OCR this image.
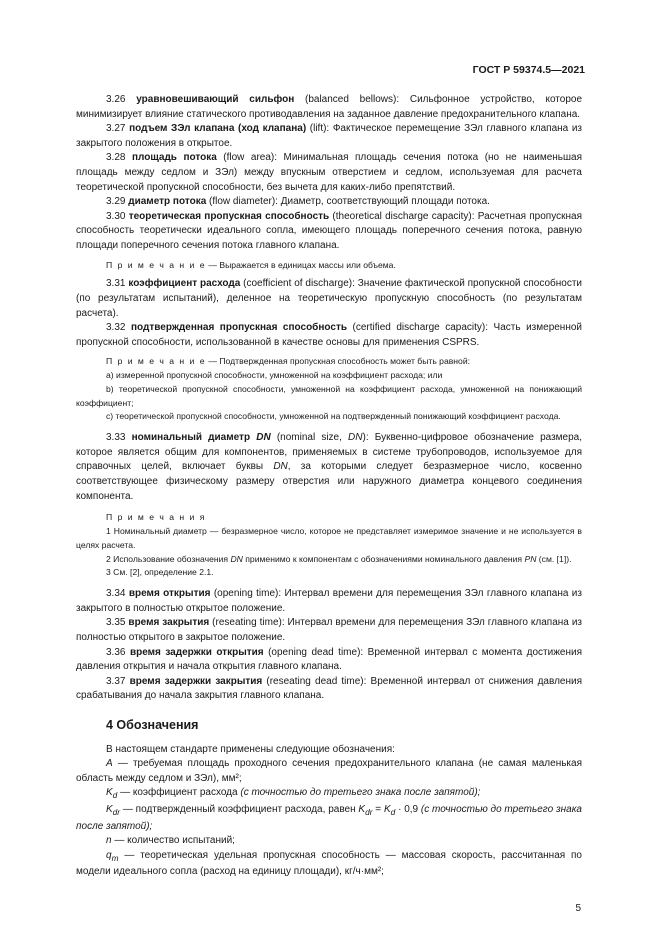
ГОСТ Р 59374.5—2021

3.26 уравновешивающий сильфон (balanced bellows): Сильфонное устройство, которое минимизирует влияние статического противодавления на заданное давление предохранительного клапана.

3.27 подъем ЗЭл клапана (ход клапана) (lift): Фактическое перемещение ЗЭл главного клапана из закрытого положения в открытое.

3.28 площадь потока (flow area): Минимальная площадь сечения потока (но не наименьшая площадь между седлом и ЗЭл) между впускным отверстием и седлом, используемая для расчета теоретической пропускной способности, без вычета для каких-либо препятствий.

3.29 диаметр потока (flow diameter): Диаметр, соответствующий площади потока.

3.30 теоретическая пропускная способность (theoretical discharge capacity): Расчетная пропускная способность теоретически идеального сопла, имеющего площадь поперечного сечения потока, равную площади поперечного сечения потока главного клапана.

П р и м е ч а н и е — Выражается в единицах массы или объема.

3.31 коэффициент расхода (coefficient of discharge): Значение фактической пропускной способности (по результатам испытаний), деленное на теоретическую пропускную способность (по результатам расчета).

3.32 подтвержденная пропускная способность (certified discharge capacity): Часть измеренной пропускной способности, использованной в качестве основы для применения CSPRS.

П р и м е ч а н и е — Подтвержденная пропускная способность может быть равной:

а) измеренной пропускной способности, умноженной на коэффициент расхода; или

b) теоретической пропускной способности, умноженной на коэффициент расхода, умноженной на понижающий коэффициент;

c) теоретической пропускной способности, умноженной на подтвержденный понижающий коэффициент расхода.

3.33 номинальный диаметр DN (nominal size, DN): Буквенно-цифровое обозначение размера, которое является общим для компонентов, применяемых в системе трубопроводов, используемое для справочных целей, включает буквы DN, за которыми следует безразмерное число, косвенно соответствующее физическому размеру отверстия или наружного диаметра концевого соединения компонента.

П р и м е ч а н и я

1 Номинальный диаметр — безразмерное число, которое не представляет измеримое значение и не используется в целях расчета.

2 Использование обозначения DN применимо к компонентам с обозначениями номинального давления PN (см. [1]).

3 См. [2], определение 2.1.

3.34 время открытия (opening time): Интервал времени для перемещения ЗЭл главного клапана из закрытого в полностью открытое положение.

3.35 время закрытия (reseating time): Интервал времени для перемещения ЗЭл главного клапана из полностью открытого в закрытое положение.

3.36 время задержки открытия (opening dead time): Временной интервал с момента достижения давления открытия и начала открытия главного клапана.

3.37 время задержки закрытия (reseating dead time): Временной интервал от снижения давления срабатывания до начала закрытия главного клапана.

4 Обозначения

В настоящем стандарте применены следующие обозначения:

A — требуемая площадь проходного сечения предохранительного клапана (не самая маленькая область между седлом и ЗЭл), мм²;

$K_d$ — коэффициент расхода (с точностью до третьего знака после запятой);

$K_{dr}$ — подтвержденный коэффициент расхода, равен $K_{dr} = K_d \cdot 0,9$ (с точностью до третьего знака после запятой);

n — количество испытаний;

$q_m$ — теоретическая удельная пропускная способность — массовая скорость, рассчитанная по модели идеального сопла (расход на единицу площади), кг/ч·мм²;

5
